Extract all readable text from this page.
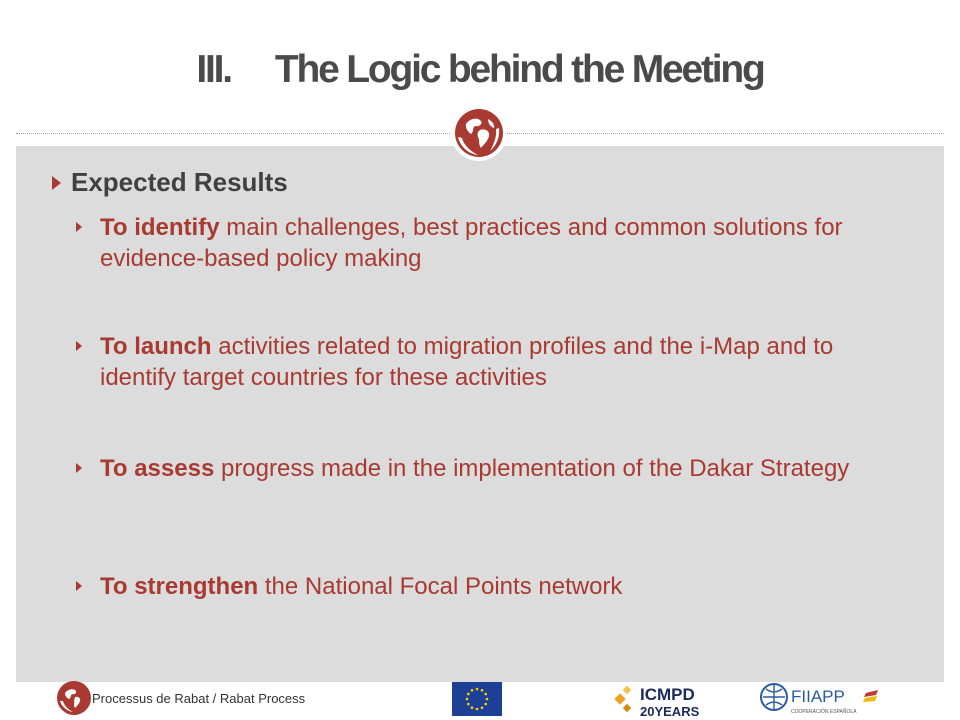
III. The Logic behind the Meeting
Expected Results
To identify main challenges, best practices and common solutions for evidence-based policy making
To launch activities related to migration profiles and the i-Map and to identify target countries for these activities
To assess progress made in the implementation of the Dakar Strategy
To strengthen the National Focal Points network
Processus de Rabat / Rabat Process	ICMPD
20YEARS
FIIAPP
COOPERACIÓN ESPAÑOLA
